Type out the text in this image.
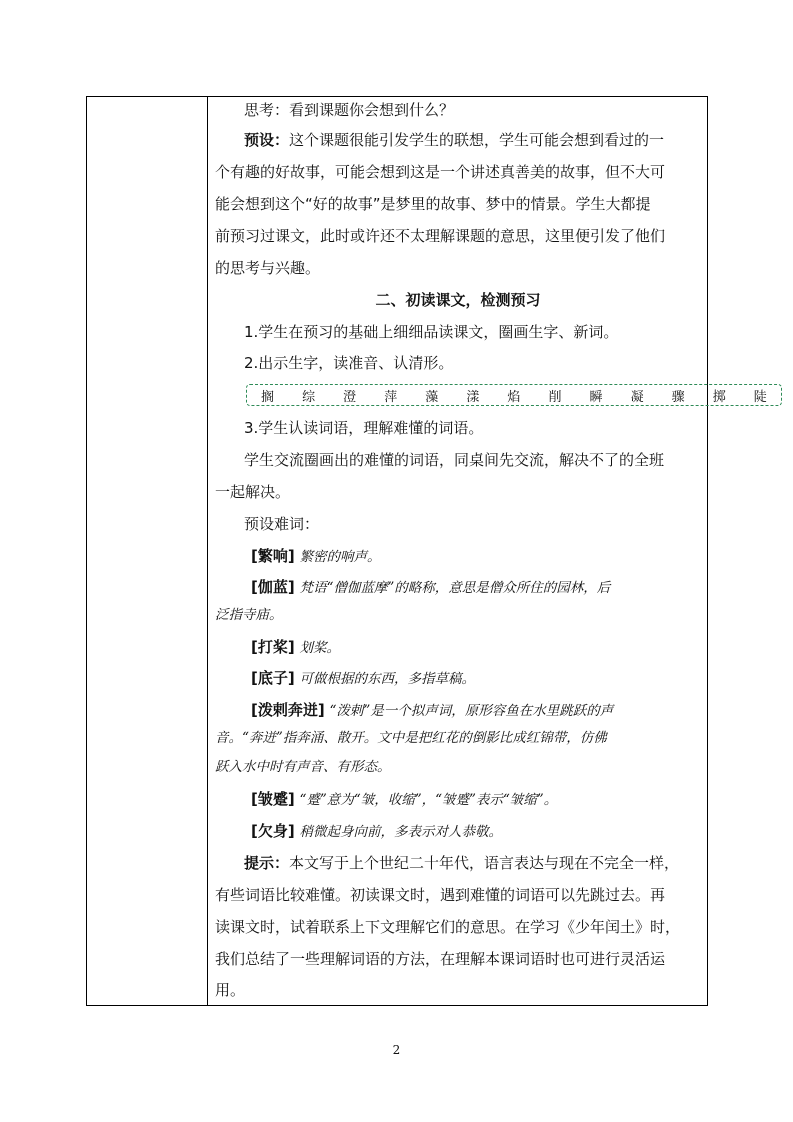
思考：看到课题你会想到什么？
预设：这个课题很能引发学生的联想，学生可能会想到看过的一
个有趣的好故事，可能会想到这是一个讲述真善美的故事，但不大可
能会想到这个“好的故事”是梦里的故事、梦中的情景。学生大都提
前预习过课文，此时或许还不太理解课题的意思，这里便引发了他们
的思考与兴趣。
二、初读课文，检测预习
1.学生在预习的基础上细细品读课文，圈画生字、新词。
2.出示生字，读准音、认清形。
搁 综 澄 萍 藻 漾 焰 削 瞬 凝 骤 掷 陡
3.学生认读词语，理解难懂的词语。
学生交流圈画出的难懂的词语，同桌间先交流，解决不了的全班
一起解决。
预设难词：
[繁响] 繁密的响声。
[伽蓝] 梵语“僧伽蓝摩”的略称，意思是僧众所住的园林，后
泛指寺庙。
[打桨] 划桨。
[底子] 可做根据的东西，多指草稿。
[泼剌奔迸] “泼剌”是一个拟声词，原形容鱼在水里跳跃的声
音。“奔迸”指奔涌、散开。文中是把红花的倒影比成红锦带，仿佛
跃入水中时有声音、有形态。
[皱蹙] “蹙”意为“皱，收缩”，“皱蹙”表示“皱缩”。
[欠身] 稍微起身向前，多表示对人恭敬。
提示：本文写于上个世纪二十年代，语言表达与现在不完全一样，
有些词语比较难懂。初读课文时，遇到难懂的词语可以先跳过去。再
读课文时，试着联系上下文理解它们的意思。在学习《少年闰土》时，
我们总结了一些理解词语的方法，在理解本课词语时也可进行灵活运
用。
2
